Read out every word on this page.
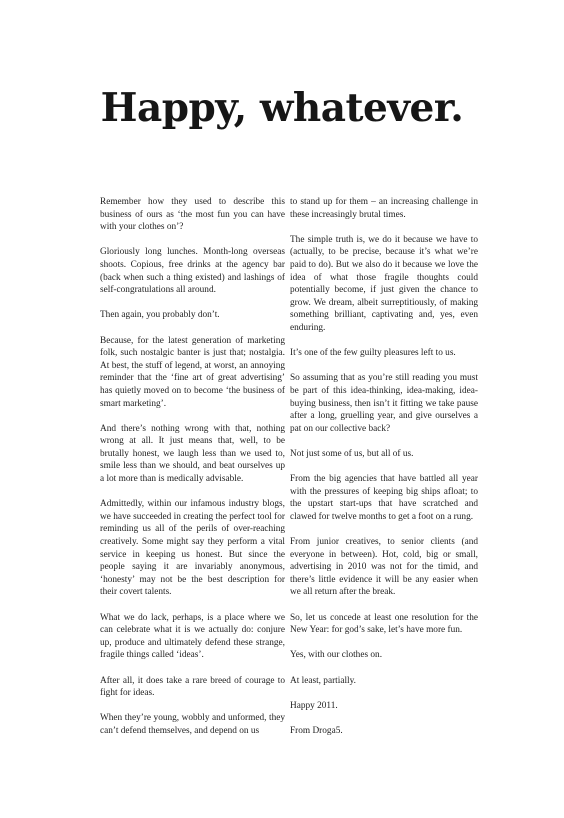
Happy, whatever.

Remember how they used to describe this business of ours as ‘the most fun you can have with your clothes on’?

Gloriously long lunches. Month-long overseas shoots. Copious, free drinks at the agency bar (back when such a thing existed) and lashings of self-congratulations all around.

Then again, you probably don’t.

Because, for the latest generation of marketing folk, such nostalgic banter is just that; nostalgia. At best, the stuff of legend, at worst, an annoying reminder that the ‘fine art of great advertising’ has quietly moved on to become ‘the business of smart marketing’.

And there’s nothing wrong with that, nothing wrong at all. It just means that, well, to be brutally honest, we laugh less than we used to, smile less than we should, and beat ourselves up a lot more than is medically advisable.

Admittedly, within our infamous industry blogs, we have succeeded in creating the perfect tool for reminding us all of the perils of over-reaching creatively. Some might say they perform a vital service in keeping us honest. But since the people saying it are invariably anonymous, ‘honesty’ may not be the best description for their covert talents.

What we do lack, perhaps, is a place where we can celebrate what it is we actually do: conjure up, produce and ultimately defend these strange, fragile things called ‘ideas’.

After all, it does take a rare breed of courage to fight for ideas.

When they’re young, wobbly and unformed, they can’t defend themselves, and depend on us

to stand up for them – an increasing challenge in these increasingly brutal times.

The simple truth is, we do it because we have to (actually, to be precise, because it’s what we’re paid to do). But we also do it because we love the idea of what those fragile thoughts could potentially become, if just given the chance to grow. We dream, albeit surreptitiously, of making something brilliant, captivating and, yes, even enduring.

It’s one of the few guilty pleasures left to us.

So assuming that as you’re still reading you must be part of this idea-thinking, idea-making, idea-buying business, then isn’t it fitting we take pause after a long, gruelling year, and give ourselves a pat on our collective back?

Not just some of us, but all of us.

From the big agencies that have battled all year with the pressures of keeping big ships afloat; to the upstart start-ups that have scratched and clawed for twelve months to get a foot on a rung.

From junior creatives, to senior clients (and everyone in between). Hot, cold, big or small, advertising in 2010 was not for the timid, and there’s little evidence it will be any easier when we all return after the break.

So, let us concede at least one resolution for the New Year: for god’s sake, let’s have more fun.

Yes, with our clothes on.

At least, partially.

Happy 2011.

From Droga5.
